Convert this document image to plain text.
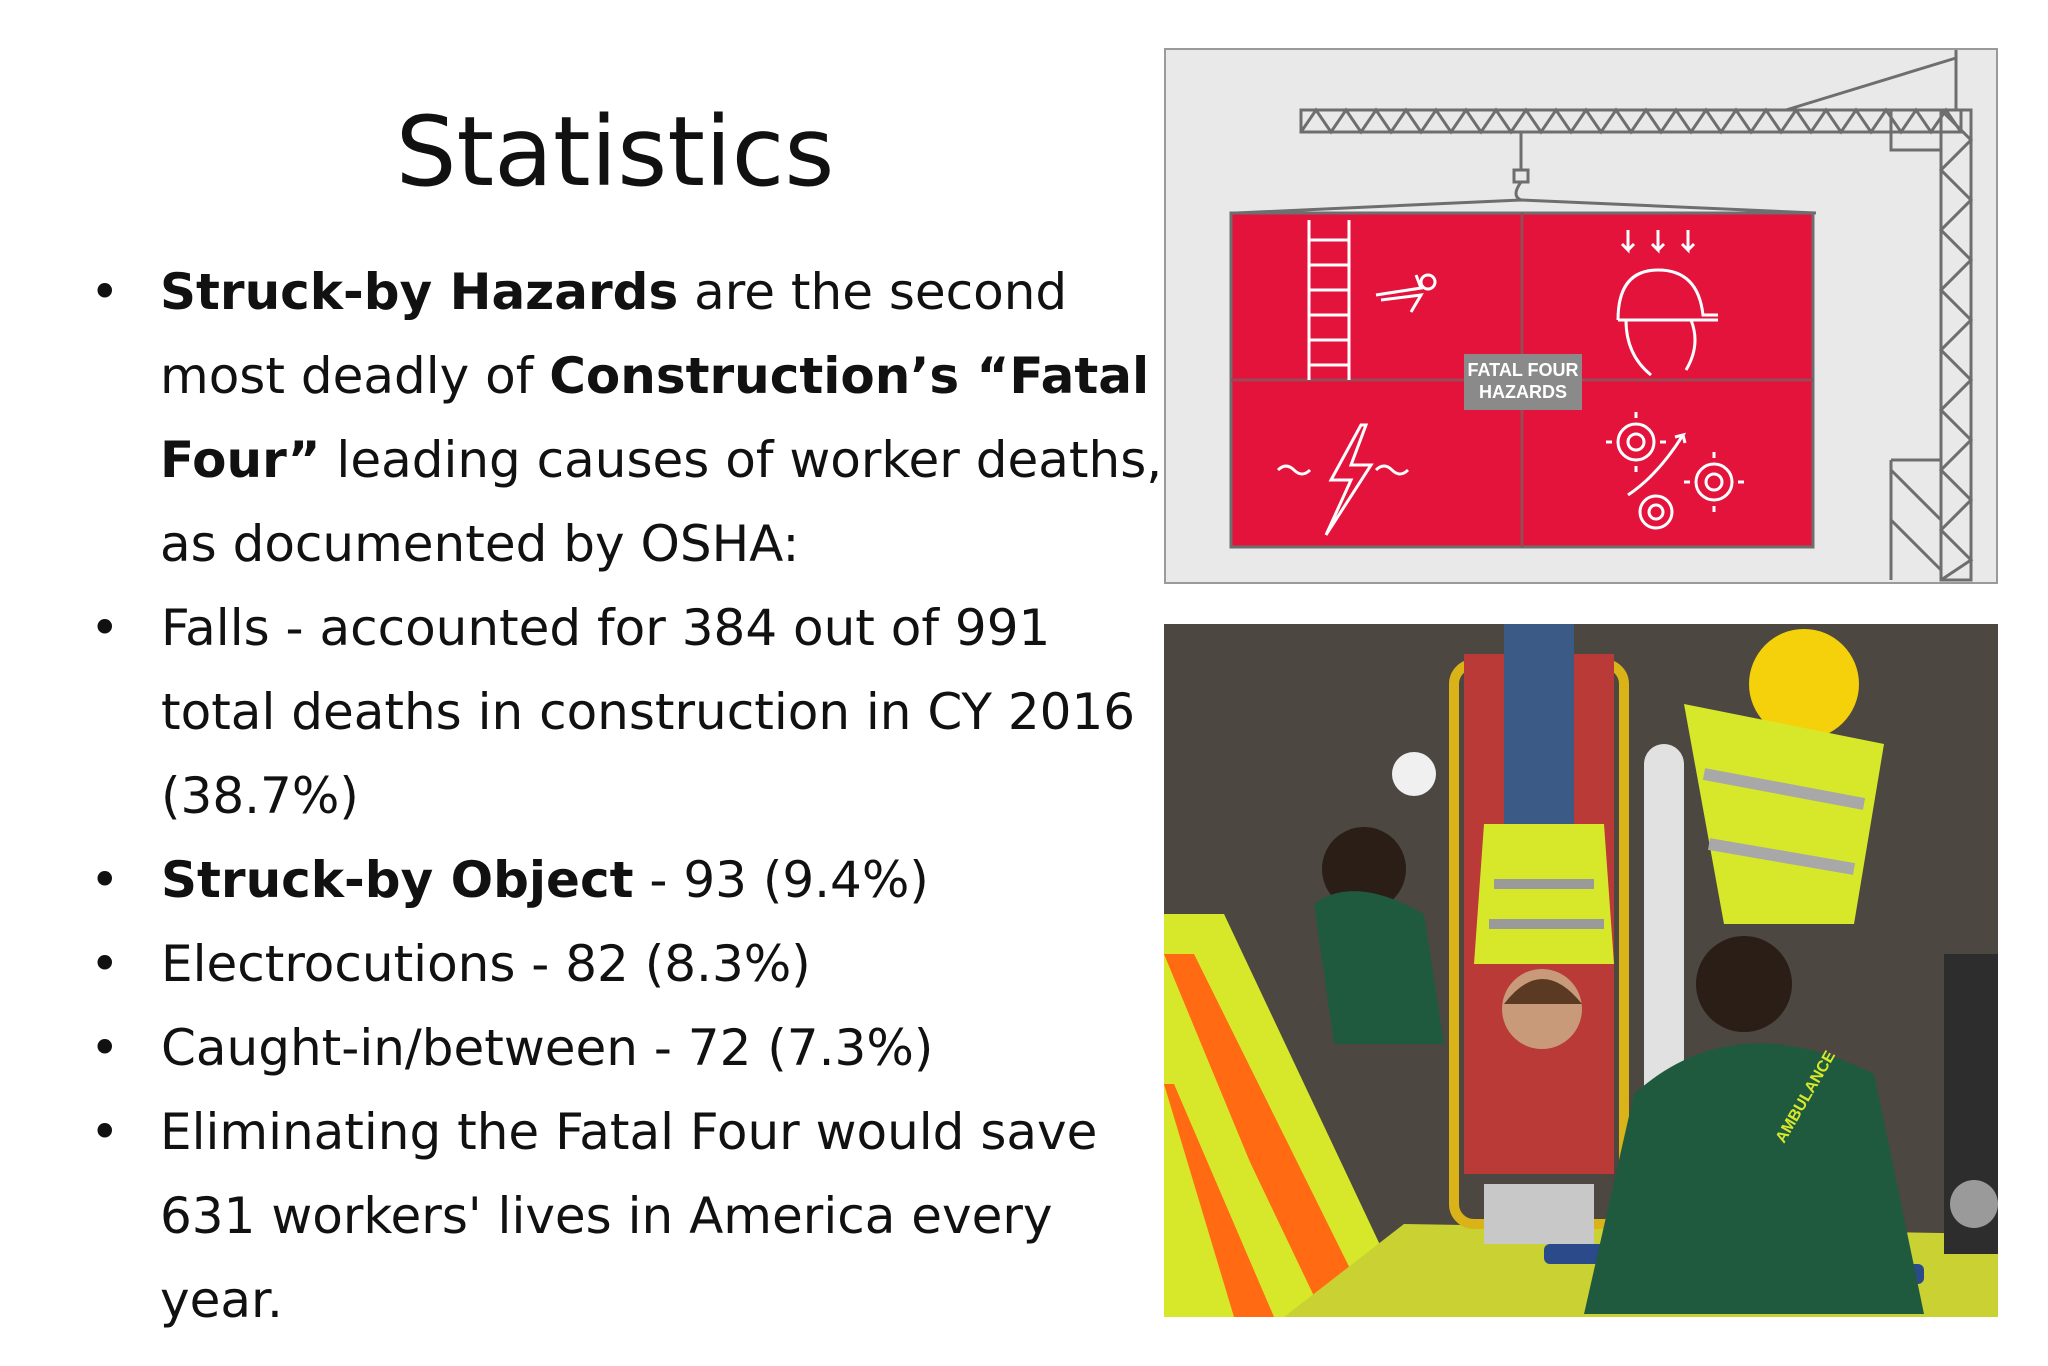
Statistics
• Struck-by Hazards are the second most deadly of Construction’s “Fatal Four” leading causes of worker deaths, as documented by OSHA:
• Falls - accounted for 384 out of 991 total deaths in construction in CY 2016 (38.7%)
• Struck-by Object - 93 (9.4%)
• Electrocutions - 82 (8.3%)
• Caught-in/between - 72 (7.3%)
• Eliminating the Fatal Four would save 631 workers' lives in America every year.
FATAL FOUR
HAZARDS
AMBULANCE
